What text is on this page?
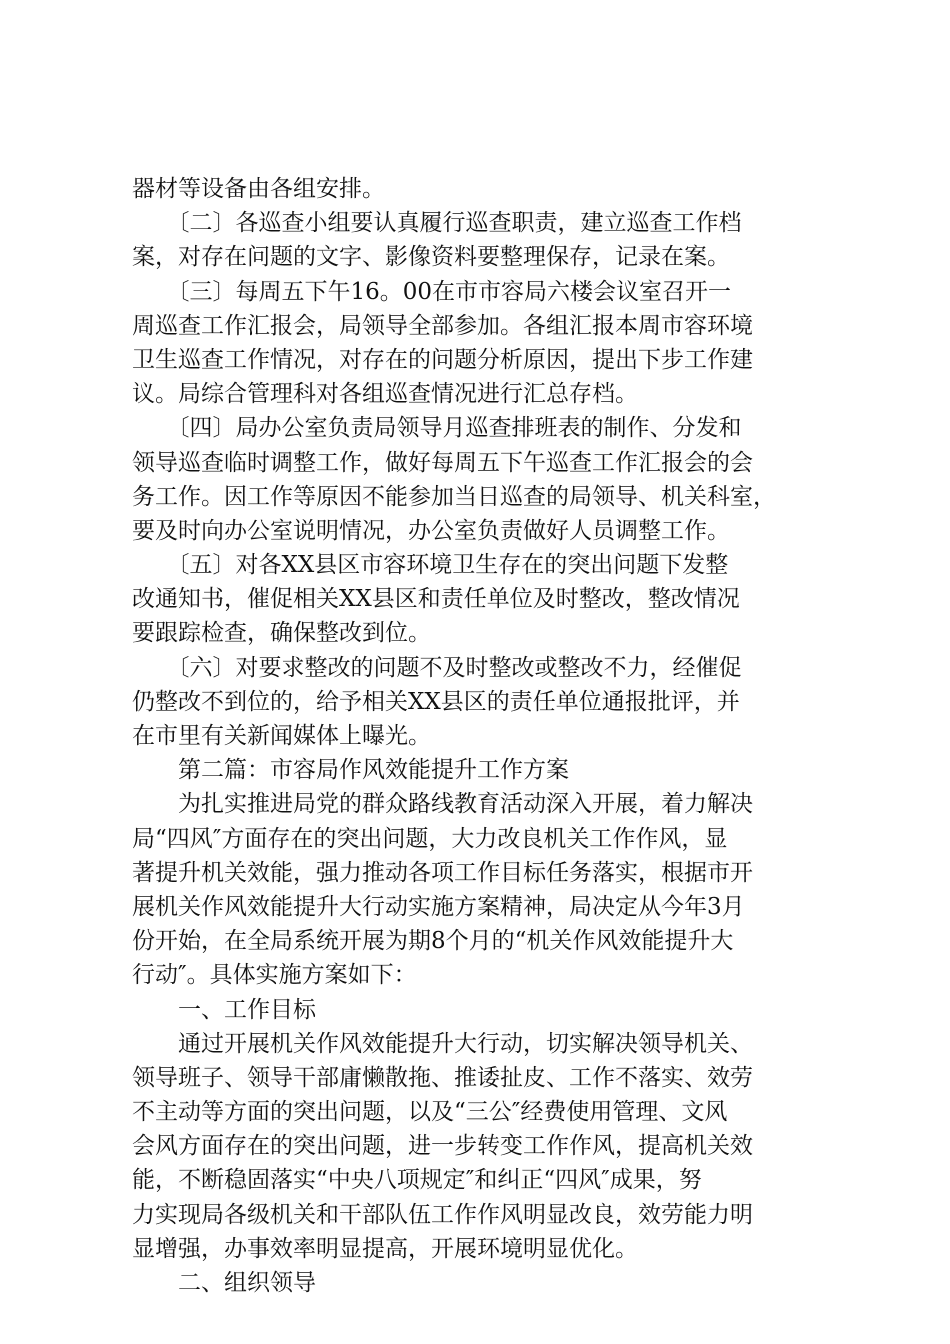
器材等设备由各组安排。
　　〔二〕各巡查小组要认真履行巡查职责，建立巡查工作档
案，对存在问题的文字、影像资料要整理保存，记录在案。
　　〔三〕每周五下午16。00在市市容局六楼会议室召开一
周巡查工作汇报会，局领导全部参加。各组汇报本周市容环境
卫生巡查工作情况，对存在的问题分析原因，提出下步工作建
议。局综合管理科对各组巡查情况进行汇总存档。
　　〔四〕局办公室负责局领导月巡查排班表的制作、分发和
领导巡查临时调整工作，做好每周五下午巡查工作汇报会的会
务工作。因工作等原因不能参加当日巡查的局领导、机关科室，
要及时向办公室说明情况，办公室负责做好人员调整工作。
　　〔五〕对各XX县区市容环境卫生存在的突出问题下发整
改通知书，催促相关XX县区和责任单位及时整改，整改情况
要跟踪检查，确保整改到位。
　　〔六〕对要求整改的问题不及时整改或整改不力，经催促
仍整改不到位的，给予相关XX县区的责任单位通报批评，并
在市里有关新闻媒体上曝光。
　　第二篇：市容局作风效能提升工作方案
　　为扎实推进局党的群众路线教育活动深入开展，着力解决
局“四风″方面存在的突出问题，大力改良机关工作作风，显
著提升机关效能，强力推动各项工作目标任务落实，根据市开
展机关作风效能提升大行动实施方案精神，局决定从今年3月
份开始，在全局系统开展为期8个月的“机关作风效能提升大
行动″。具体实施方案如下：
　　一、工作目标
　　通过开展机关作风效能提升大行动，切实解决领导机关、
领导班子、领导干部庸懒散拖、推诿扯皮、工作不落实、效劳
不主动等方面的突出问题，以及“三公″经费使用管理、文风
会风方面存在的突出问题，进一步转变工作作风，提高机关效
能，不断稳固落实“中央八项规定″和纠正“四风″成果，努
力实现局各级机关和干部队伍工作作风明显改良，效劳能力明
显增强，办事效率明显提高，开展环境明显优化。
　　二、组织领导
